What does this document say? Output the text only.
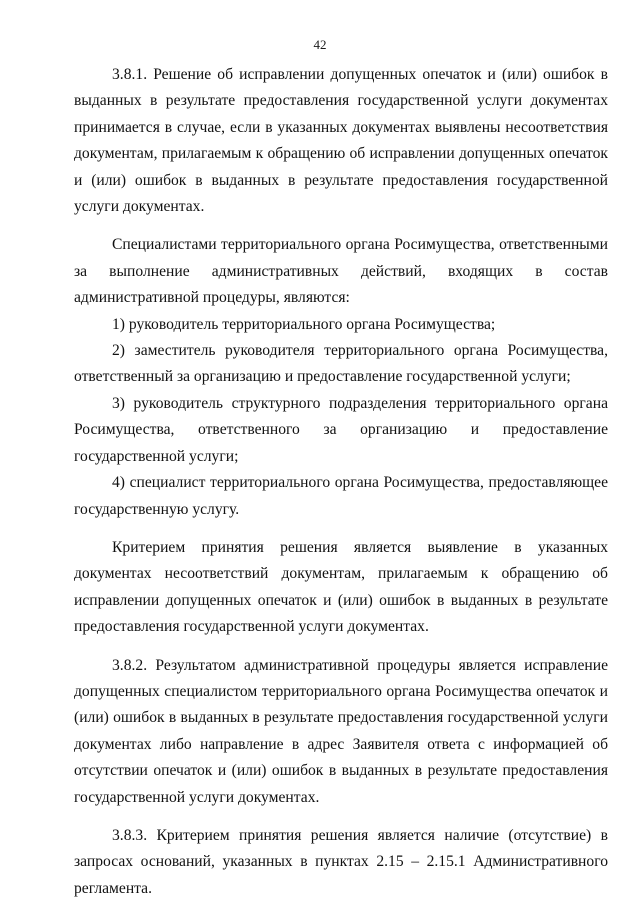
42

3.8.1. Решение об исправлении допущенных опечаток и (или) ошибок в выданных в результате предоставления государственной услуги документах принимается в случае, если в указанных документах выявлены несоответствия документам, прилагаемым к обращению об исправлении допущенных опечаток и (или) ошибок в выданных в результате предоставления государственной услуги документах.

Специалистами территориального органа Росимущества, ответственными за выполнение административных действий, входящих в состав административной процедуры, являются:

1) руководитель территориального органа Росимущества;

2) заместитель руководителя территориального органа Росимущества, ответственный за организацию и предоставление государственной услуги;

3) руководитель структурного подразделения территориального органа Росимущества, ответственного за организацию и предоставление государственной услуги;

4) специалист территориального органа Росимущества, предоставляющее государственную услугу.

Критерием принятия решения является выявление в указанных документах несоответствий документам, прилагаемым к обращению об исправлении допущенных опечаток и (или) ошибок в выданных в результате предоставления государственной услуги документах.

3.8.2. Результатом административной процедуры является исправление допущенных специалистом территориального органа Росимущества опечаток и (или) ошибок в выданных в результате предоставления государственной услуги документах либо направление в адрес Заявителя ответа с информацией об отсутствии опечаток и (или) ошибок в выданных в результате предоставления государственной услуги документах.

3.8.3. Критерием принятия решения является наличие (отсутствие) в запросах оснований, указанных в пунктах 2.15 – 2.15.1 Административного регламента.
